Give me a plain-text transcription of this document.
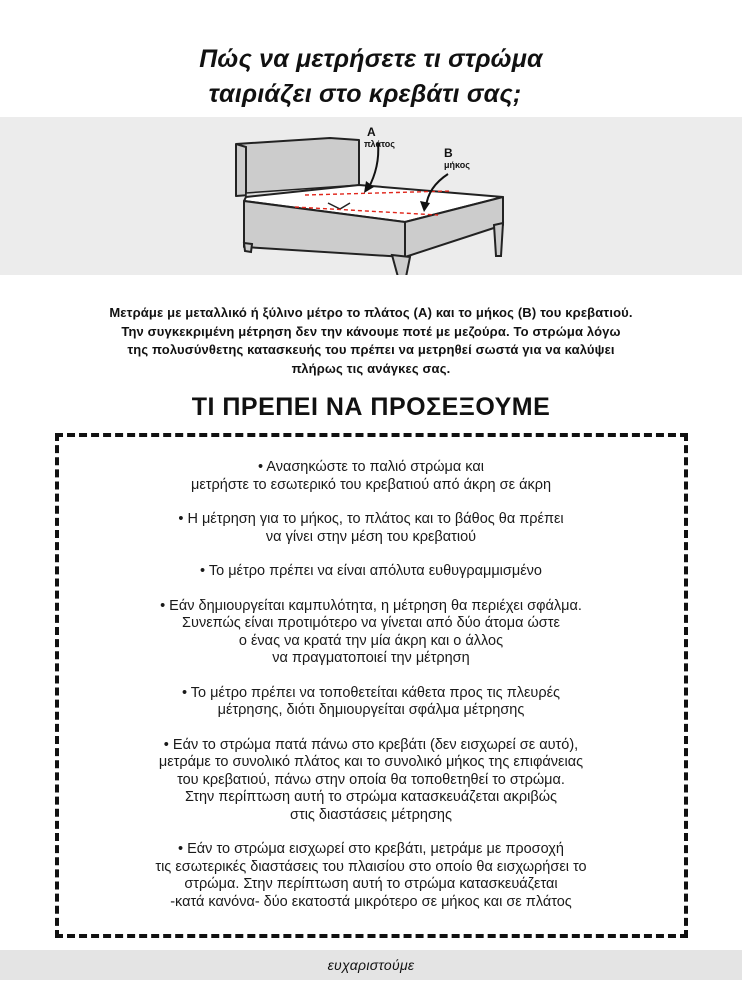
Πώς να μετρήσετε τι στρώμα
ταιριάζει στο κρεβάτι σας;
A
πλάτος
B
μήκος
Μετράμε με μεταλλικό ή ξύλινο μέτρο το πλάτος (A) και το μήκος (B) του κρεβατιού.
Την συγκεκριμένη μέτρηση δεν την κάνουμε ποτέ με μεζούρα. Το στρώμα λόγω
της πολυσύνθετης κατασκευής του πρέπει να μετρηθεί σωστά για να καλύψει
πλήρως τις ανάγκες σας.
ΤΙ ΠΡΕΠΕΙ ΝΑ ΠΡΟΣΕΞΟΥΜΕ
• Ανασηκώστε το παλιό στρώμα και
μετρήστε το εσωτερικό του κρεβατιού από άκρη σε άκρη
• Η μέτρηση για το μήκος, το πλάτος και το βάθος θα πρέπει
να γίνει στην μέση του κρεβατιού
• Το μέτρο πρέπει να είναι απόλυτα ευθυγραμμισμένο
• Εάν δημιουργείται καμπυλότητα, η μέτρηση θα περιέχει σφάλμα.
Συνεπώς είναι προτιμότερο να γίνεται από δύο άτομα ώστε
ο ένας να κρατά την μία άκρη και ο άλλος
να πραγματοποιεί την μέτρηση
• Το μέτρο πρέπει να τοποθετείται κάθετα προς τις πλευρές
μέτρησης, διότι δημιουργείται σφάλμα μέτρησης
• Εάν το στρώμα πατά πάνω στο κρεβάτι (δεν εισχωρεί σε αυτό),
μετράμε το συνολικό πλάτος και το συνολικό μήκος της επιφάνειας
του κρεβατιού, πάνω στην οποία θα τοποθετηθεί το στρώμα.
Στην περίπτωση αυτή το στρώμα κατασκευάζεται ακριβώς
στις διαστάσεις μέτρησης
• Εάν το στρώμα εισχωρεί στο κρεβάτι, μετράμε με προσοχή
τις εσωτερικές διαστάσεις του πλαισίου στο οποίο θα εισχωρήσει το
στρώμα. Στην περίπτωση αυτή το στρώμα κατασκευάζεται
-κατά κανόνα- δύο εκατοστά μικρότερο σε μήκος και σε πλάτος
ευχαριστούμε
